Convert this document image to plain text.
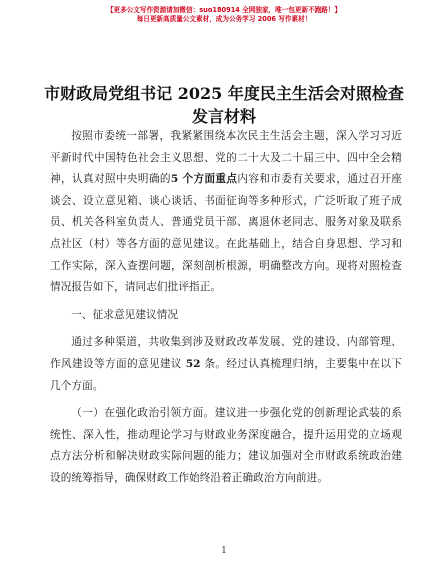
【更多公文写作资源请加微信：suo180914 全网独家，唯一包更新不跑路！】
每日更新高质量公文素材，成为公务学习 2006 写作素材！
市财政局党组书记 2025 年度民主生活会对照检查发言材料

按照市委统一部署，我紧紧围绕本次民主生活会主题，深入学习习近平新时代中国特色社会主义思想、党的二十大及二十届三中、四中全会精神，认真对照中央明确的5 个方面重点内容和市委有关要求，通过召开座谈会、设立意见箱、谈心谈话、书面征询等多种形式，广泛听取了班子成员、机关各科室负责人、普通党员干部、离退休老同志、服务对象及联系点社区（村）等各方面的意见建议。在此基础上，结合自身思想、学习和工作实际，深入查摆问题，深刻剖析根源，明确整改方向。现将对照检查情况报告如下，请同志们批评指正。

一、征求意见建议情况

通过多种渠道，共收集到涉及财政改革发展、党的建设、内部管理、作风建设等方面的意见建议 52 条。经过认真梳理归纳，主要集中在以下几个方面。

（一）在强化政治引领方面。建议进一步强化党的创新理论武装的系统性、深入性，推动理论学习与财政业务深度融合，提升运用党的立场观点方法分析和解决财政实际问题的能力；建议加强对全市财政系统政治建设的统筹指导，确保财政工作始终沿着正确政治方向前进。

1
